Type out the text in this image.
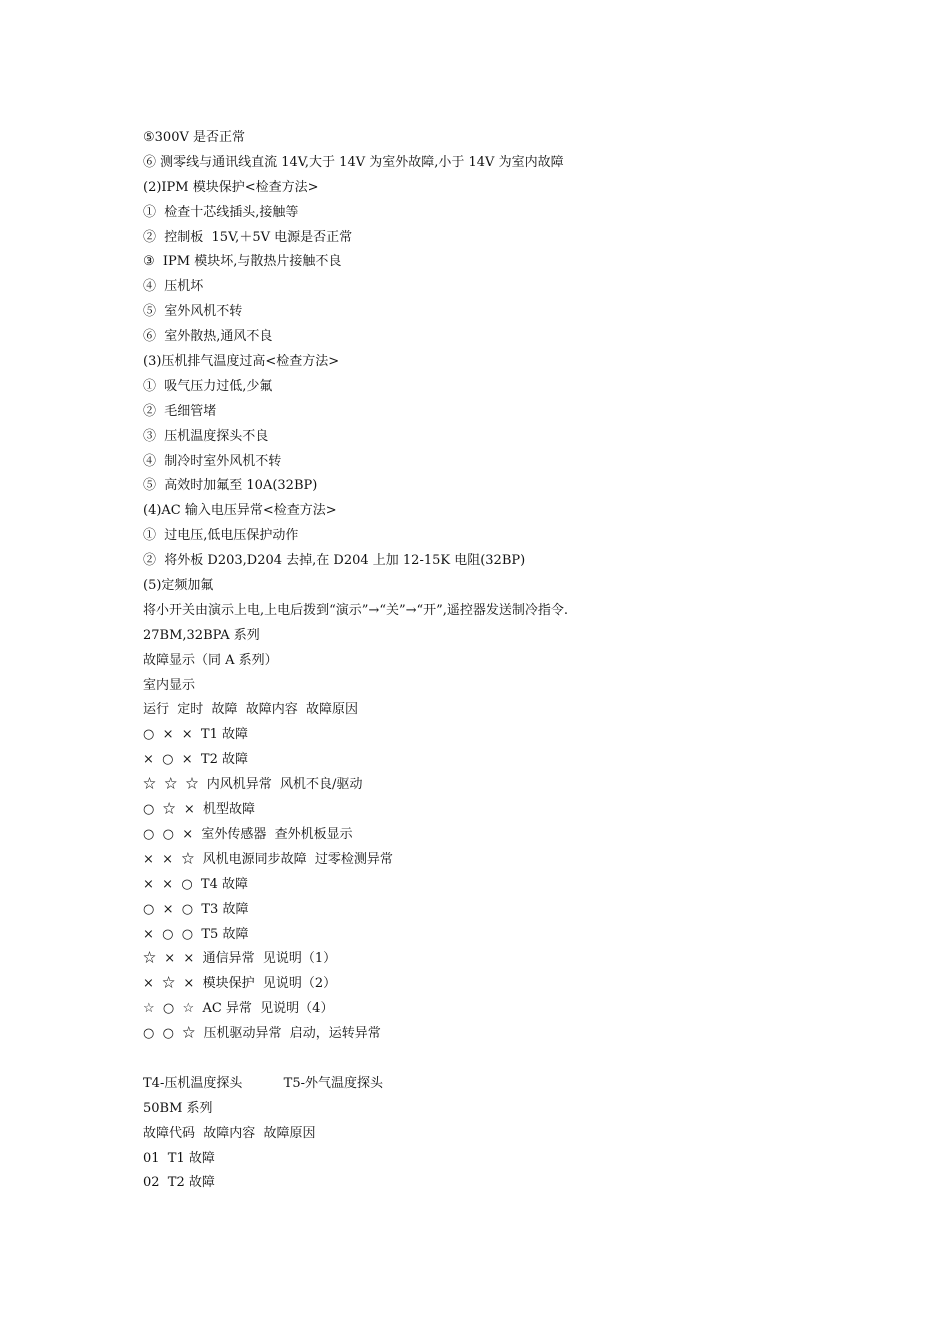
⑤300V 是否正常
⑥ 测零线与通讯线直流 14V,大于 14V 为室外故障,小于 14V 为室内故障
(2)IPM 模块保护<检查方法>
①  检查十芯线插头,接触等
②  控制板  15V,＋5V 电源是否正常
③  IPM 模块坏,与散热片接触不良
④  压机坏
⑤  室外风机不转
⑥  室外散热,通风不良
(3)压机排气温度过高<检查方法>
①  吸气压力过低,少氟
②  毛细管堵
③  压机温度探头不良
④  制冷时室外风机不转
⑤  高效时加氟至 10A(32BP)
(4)AC 输入电压异常<检查方法>
①  过电压,低电压保护动作
②  将外板 D203,D204 去掉,在 D204 上加 12-15K 电阻(32BP)
(5)定频加氟
将小开关由演示上电,上电后拨到“演示”→“关”→“开”,遥控器发送制冷指令.
27BM,32BPA 系列
故障显示（同 A 系列）
室内显示
运行  定时  故障  故障内容  故障原因
○  ×  ×  T1 故障
×  ○  ×  T2 故障
☆  ☆  ☆  内风机异常  风机不良/驱动
○  ☆  ×  机型故障
○  ○  ×  室外传感器  查外机板显示
×  ×  ☆  风机电源同步故障  过零检测异常
×  ×  ○  T4 故障
○  ×  ○  T3 故障
×  ○  ○  T5 故障
☆  ×  ×  通信异常  见说明（1）
×  ☆  ×  模块保护  见说明（2）
☆  ○  ☆  AC 异常  见说明（4）
○  ○  ☆  压机驱动异常  启动，运转异常
T4-压机温度探头          T5-外气温度探头
50BM 系列
故障代码  故障内容  故障原因
01  T1 故障
02  T2 故障
